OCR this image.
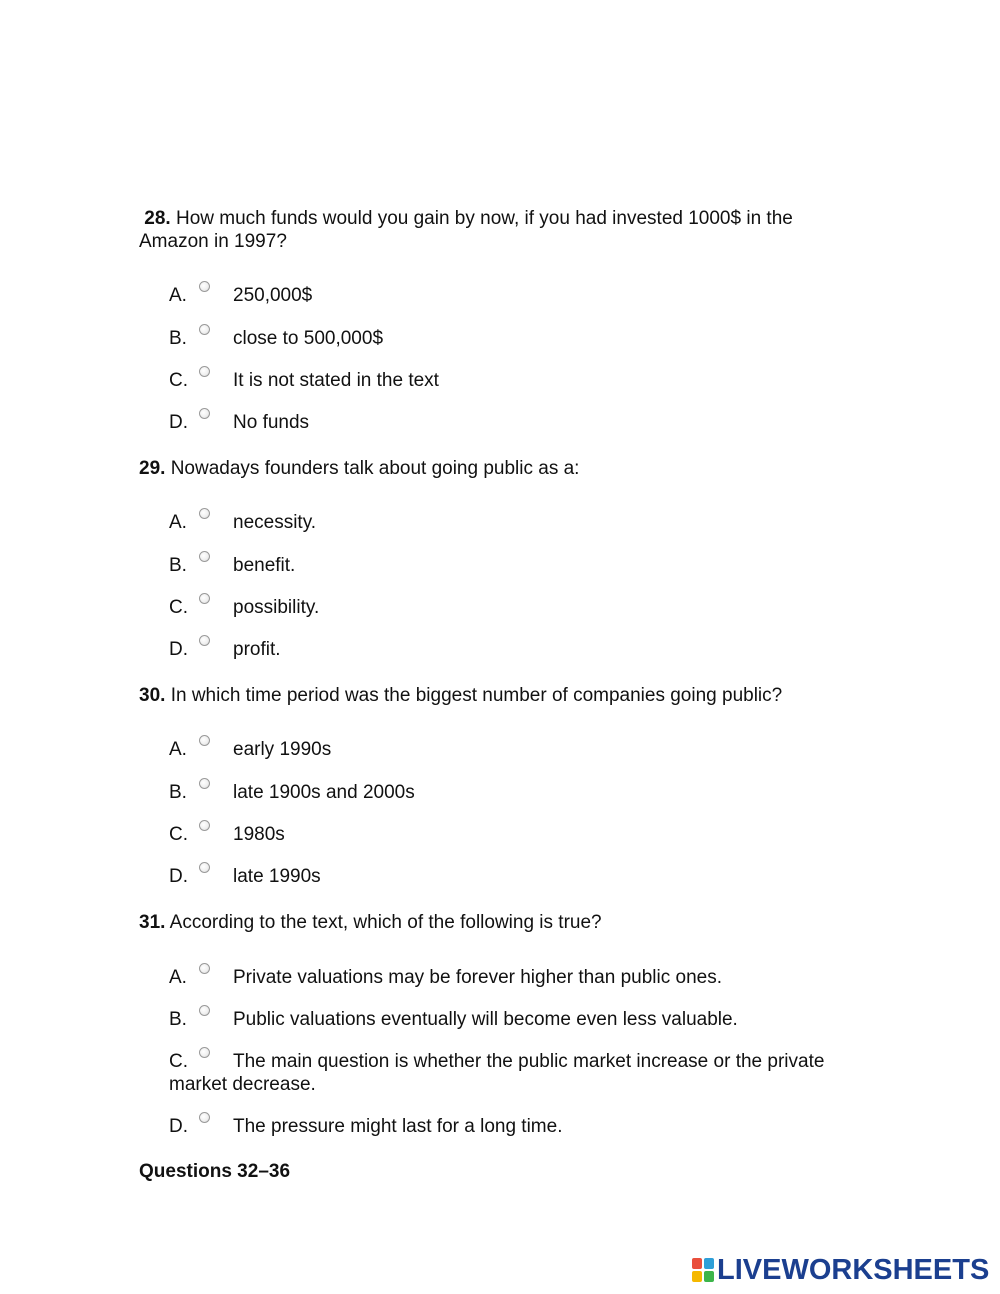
28. How much funds would you gain by now, if you had invested 1000$ in the Amazon in 1997?
A. 250,000$
B. close to 500,000$
C. It is not stated in the text
D. No funds
29. Nowadays founders talk about going public as a:
A. necessity.
B. benefit.
C. possibility.
D. profit.
30. In which time period was the biggest number of companies going public?
A. early 1990s
B. late 1900s and 2000s
C. 1980s
D. late 1990s
31. According to the text, which of the following is true?
A. Private valuations may be forever higher than public ones.
B. Public valuations eventually will become even less valuable.
C. The main question is whether the public market increase or the private market decrease.
D. The pressure might last for a long time.
Questions 32–36
LIVEWORKSHEETS
